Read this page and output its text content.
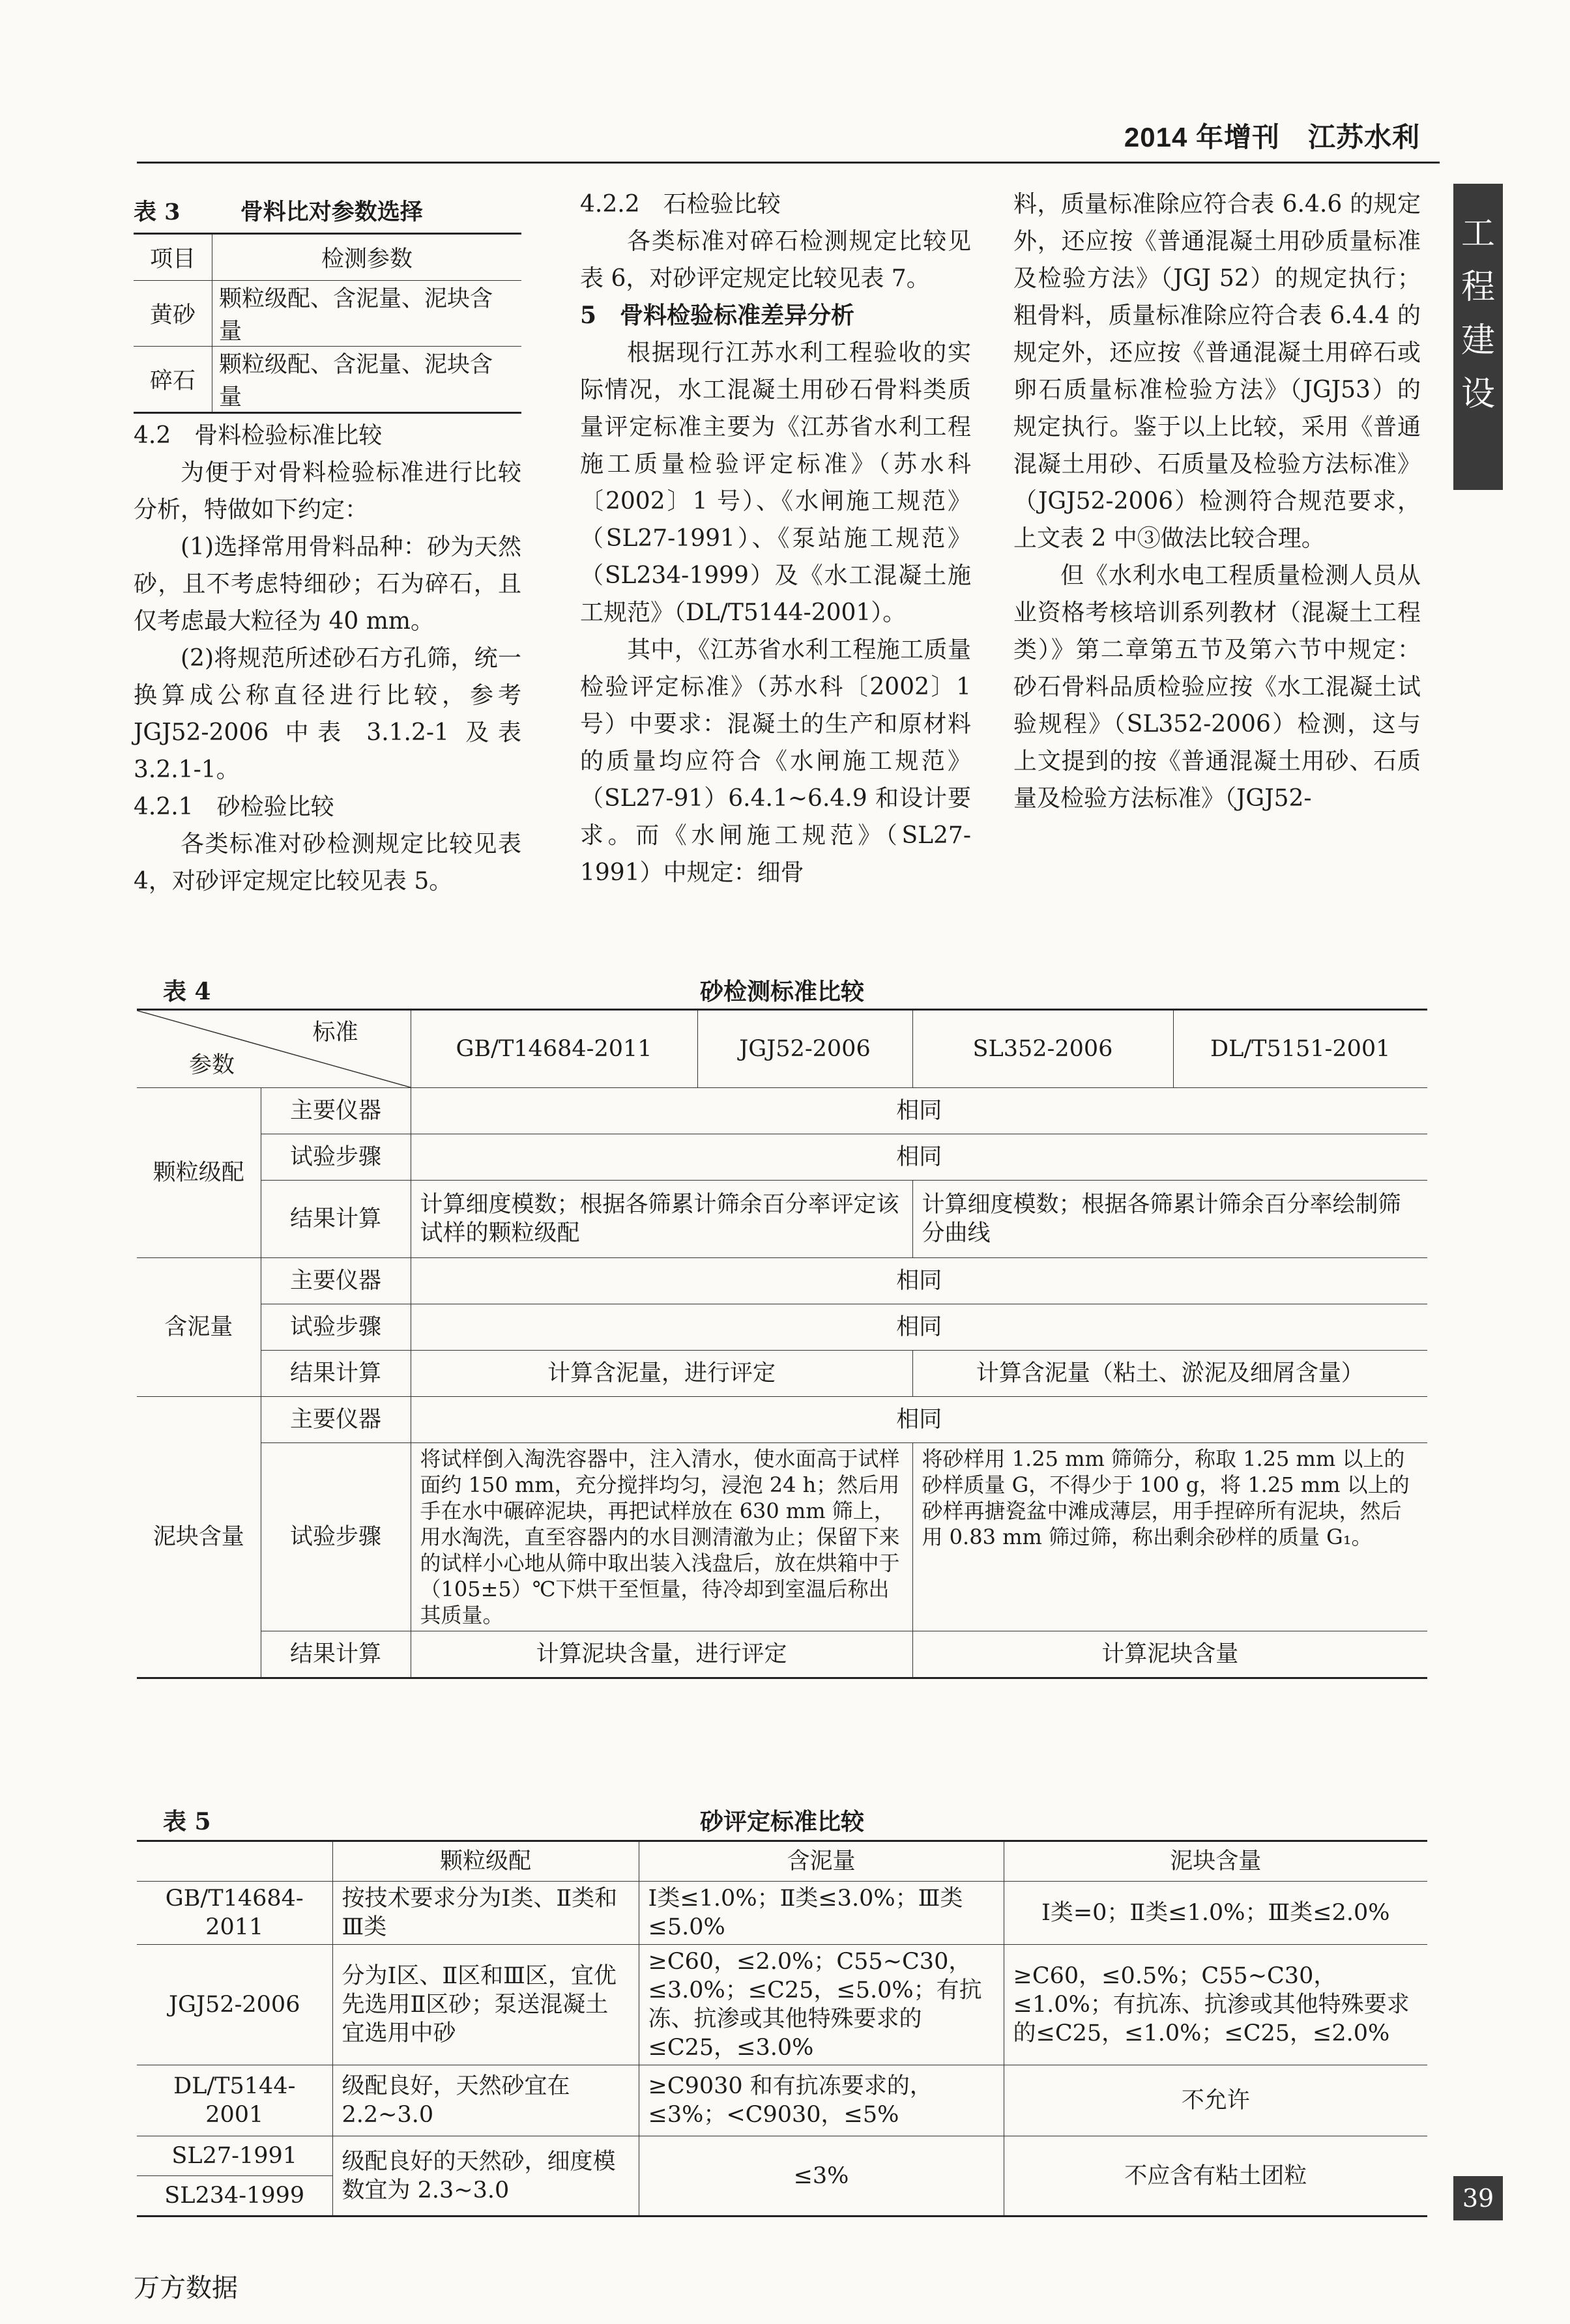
2014 年增刊　江苏水利
工
程
建
设
表 3	骨料比对参数选择
项目	检测参数
黄砂	颗粒级配、含泥量、泥块含量
碎石	颗粒级配、含泥量、泥块含量

4.2　骨料检验标准比较

为便于对骨料检验标准进行比较分析，特做如下约定：

(1)选择常用骨料品种：砂为天然砂，且不考虑特细砂；石为碎石，且仅考虑最大粒径为 40 mm。

(2)将规范所述砂石方孔筛，统一换算成公称直径进行比较，参考 JGJ52-2006 中表 3.1.2-1 及表 3.2.1-1。

4.2.1　砂检验比较

各类标准对砂检测规定比较见表 4，对砂评定规定比较见表 5。

4.2.2　石检验比较

各类标准对碎石检测规定比较见表 6，对砂评定规定比较见表 7。

5　骨料检验标准差异分析

根据现行江苏水利工程验收的实际情况，水工混凝土用砂石骨料类质量评定标准主要为《江苏省水利工程施工质量检验评定标准》（苏水科〔2002〕1 号）、《水闸施工规范》（SL27-1991）、《泵站施工规范》（SL234-1999）及《水工混凝土施工规范》（DL/T5144-2001）。

其中，《江苏省水利工程施工质量检验评定标准》（苏水科〔2002〕1号）中要求：混凝土的生产和原材料的质量均应符合《水闸施工规范》（SL27-91）6.4.1~6.4.9 和设计要求。而《水闸施工规范》（SL27-1991）中规定：细骨

料，质量标准除应符合表 6.4.6 的规定外，还应按《普通混凝土用砂质量标准及检验方法》（JGJ 52）的规定执行；粗骨料，质量标准除应符合表 6.4.4 的规定外，还应按《普通混凝土用碎石或卵石质量标准检验方法》（JGJ53）的规定执行。鉴于以上比较，采用《普通混凝土用砂、石质量及检验方法标准》（JGJ52-2006）检测符合规范要求，上文表 2 中③做法比较合理。

但《水利水电工程质量检测人员从业资格考核培训系列教材（混凝土工程类）》第二章第五节及第六节中规定：砂石骨料品质检验应按《水工混凝土试验规程》（SL352-2006）检测，这与上文提到的按《普通混凝土用砂、石质量及检验方法标准》（JGJ52-

表 4	砂检测标准比较
标准
参数		GB/T14684-2011	JGJ52-2006	SL352-2006	DL/T5151-2001
颗粒级配	主要仪器	相同			
	试验步骤	相同			
	结果计算	计算细度模数；根据各筛累计筛余百分率评定该试样的颗粒级配		计算细度模数；根据各筛累计筛余百分率绘制筛分曲线	
含泥量	主要仪器	相同			
	试验步骤	相同			
	结果计算	计算含泥量，进行评定		计算含泥量（粘土、淤泥及细屑含量）	
泥块含量	主要仪器	相同			
	试验步骤	将试样倒入淘洗容器中，注入清水，使水面高于试样面约 150 mm，充分搅拌均匀，浸泡 24 h；然后用手在水中碾碎泥块，再把试样放在 630 mm 筛上，用水淘洗，直至容器内的水目测清澈为止；保留下来的试样小心地从筛中取出装入浅盘后，放在烘箱中于（105±5）℃下烘干至恒量，待冷却到室温后称出其质量。		将砂样用 1.25 mm 筛筛分，称取 1.25 mm 以上的砂样质量 G，不得少于 100 g，将 1.25 mm 以上的砂样再搪瓷盆中滩成薄层，用手捏碎所有泥块，然后用 0.83 mm 筛过筛，称出剩余砂样的质量 G₁。	
	结果计算	计算泥块含量，进行评定		计算泥块含量	
表 5	砂评定标准比较
	颗粒级配	含泥量	泥块含量
GB/T14684-2011	按技术要求分为Ⅰ类、Ⅱ类和Ⅲ类	Ⅰ类≤1.0%；Ⅱ类≤3.0%；Ⅲ类≤5.0%	Ⅰ类=0；Ⅱ类≤1.0%；Ⅲ类≤2.0%
JGJ52-2006	分为Ⅰ区、Ⅱ区和Ⅲ区，宜优先选用Ⅱ区砂；泵送混凝土宜选用中砂	≥C60，≤2.0%；C55~C30，≤3.0%；≤C25，≤5.0%；有抗冻、抗渗或其他特殊要求的≤C25，≤3.0%	≥C60，≤0.5%；C55~C30，≤1.0%；有抗冻、抗渗或其他特殊要求的≤C25，≤1.0%；≤C25，≤2.0%
DL/T5144-2001	级配良好，天然砂宜在 2.2~3.0	≥C9030 和有抗冻要求的，≤3%；<C9030，≤5%	不允许
SL27-1991	级配良好的天然砂，细度模数宜为 2.3~3.0	≤3%	不应含有粘土团粒
SL234-1999				39
万方数据
